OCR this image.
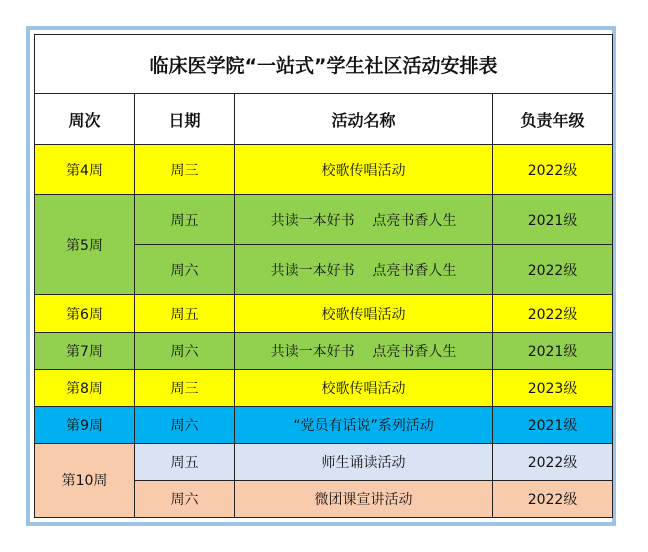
临床医学院“一站式”学生社区活动安排表			
周次	日期	活动名称	负责年级
第4周	周三	校歌传唱活动	2022级
第5周	周五	共读一本好书    点亮书香人生	2021级
	周六	共读一本好书    点亮书香人生	2022级
第6周	周五	校歌传唱活动	2022级
第7周	周六	共读一本好书    点亮书香人生	2021级
第8周	周三	校歌传唱活动	2023级
第9周	周六	“党员有话说”系列活动	2021级
第10周	周五	师生诵读活动	2022级
	周六	微团课宣讲活动	2022级
